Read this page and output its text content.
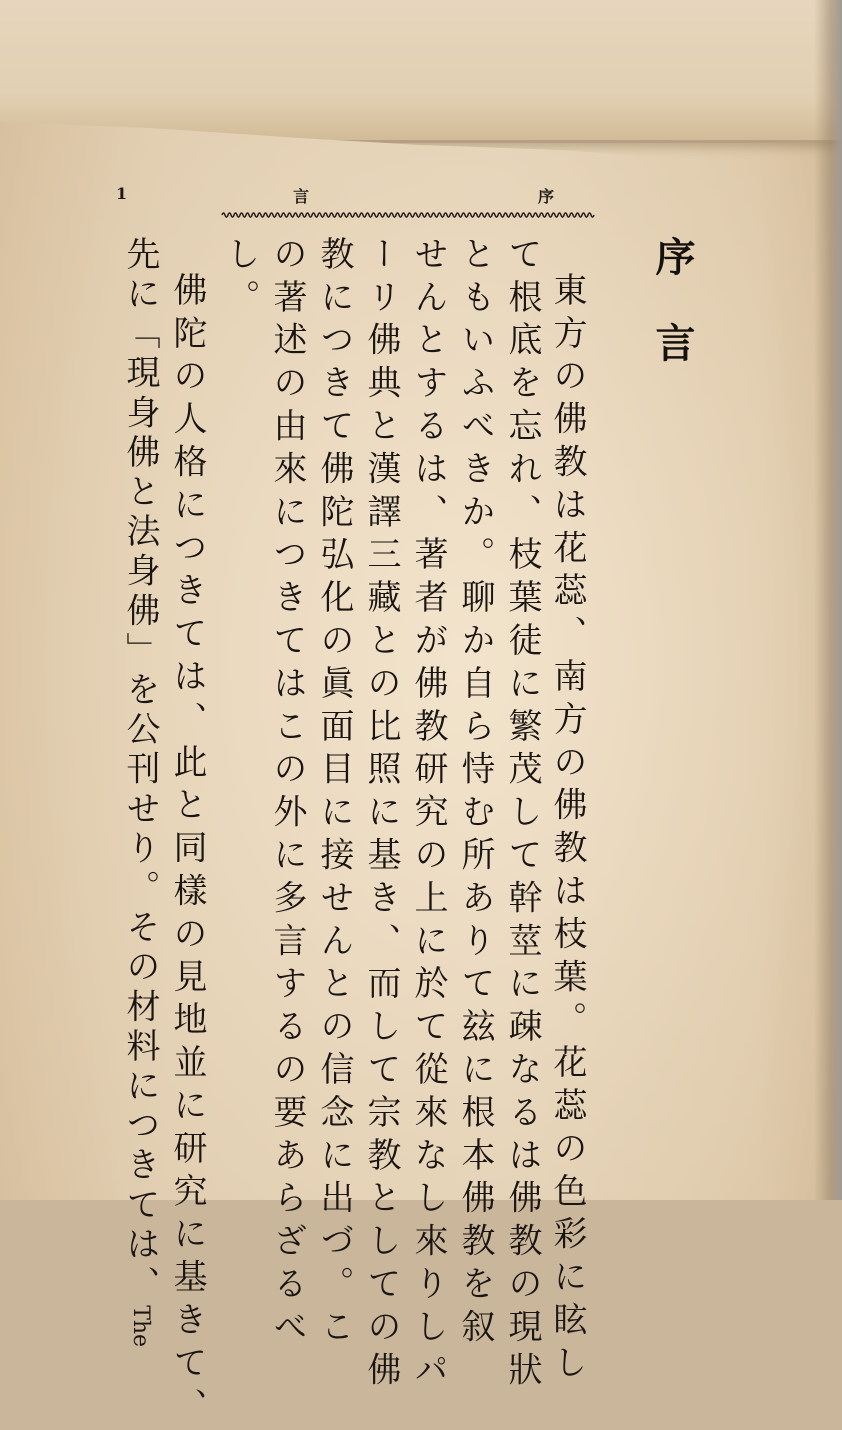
1	言	序
序言
東方の佛教は花蕊、南方の佛教は枝葉。花蕊の色彩に眩し
て根底を忘れ、枝葉徒に繁茂して幹莖に疎なるは佛教の現狀
ともいふべきか。聊か自ら恃む所ありて玆に根本佛教を叙
せんとするは、著者が佛教研究の上に於て從來なし來りしパ
ーリ佛典と漢譯三藏との比照に基き、而して宗教としての佛
教につきて佛陀弘化の眞面目に接せんとの信念に出づ。こ
の著述の由來につきてはこの外に多言するの要あらざるべ
し。
佛陀の人格につきては、此と同樣の見地並に研究に基きて、
先に「現身佛と法身佛」を公刊せり。その材料につきては、The
